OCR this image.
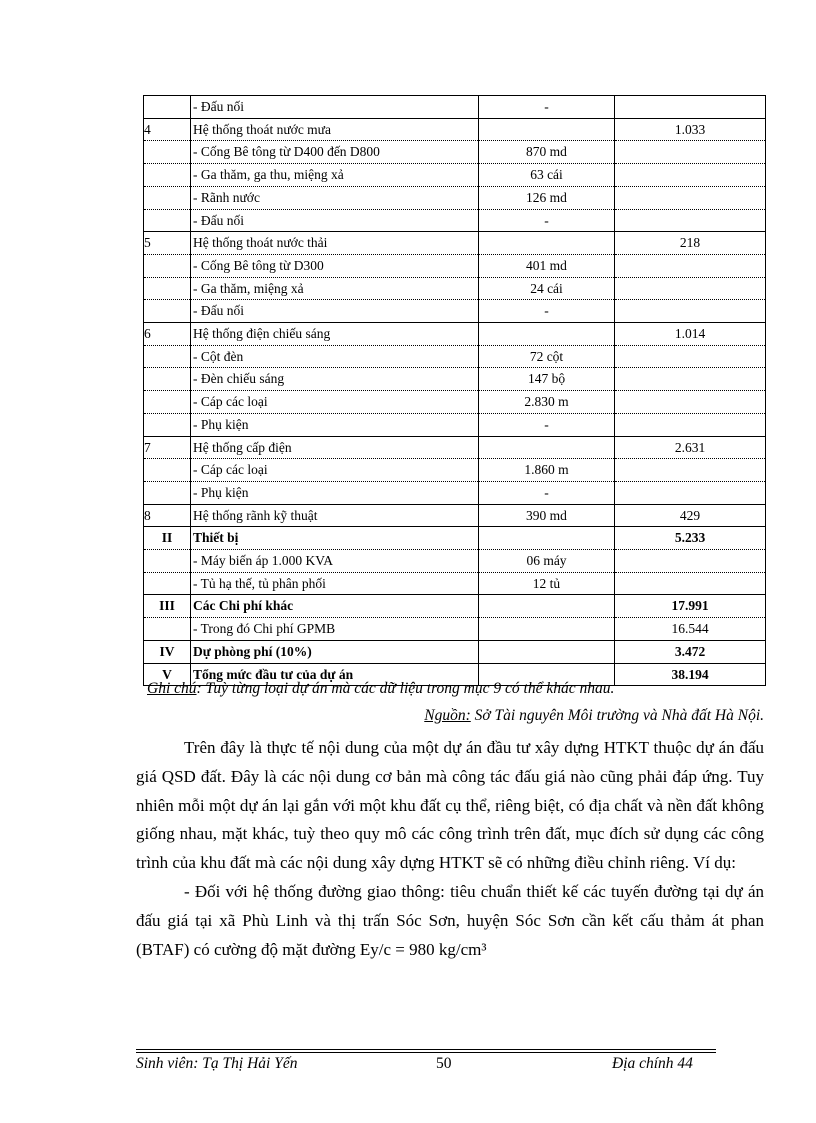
	- Đấu nối	-	
4	Hệ thống thoát nước mưa		1.033
	- Cống Bê tông từ D400 đến D800	870 md	
	- Ga thăm, ga thu, miệng xả	63 cái	
	- Rãnh nước	126 md	
	- Đấu nối	-	
5	Hệ thống thoát nước thải		218
	- Cống Bê tông từ D300	401 md	
	- Ga thăm, miệng xả	24 cái	
	- Đấu nối	-	
6	Hệ thống điện chiếu sáng		1.014
	- Cột đèn	72 cột	
	- Đèn chiếu sáng	147 bộ	
	- Cáp các loại	2.830 m	
	- Phụ kiện	-	
7	Hệ thống cấp điện		2.631
	- Cáp các loại	1.860 m	
	- Phụ kiện	-	
8	Hệ thống rãnh kỹ thuật	390 md	429
II	Thiết bị		5.233
	- Máy biến áp 1.000 KVA	06 máy	
	- Tủ hạ thế, tủ phân phối	12 tủ	
III	Các Chi phí khác		17.991
	- Trong đó Chi phí GPMB		16.544
IV	Dự phòng phí (10%)		3.472
V	Tổng mức đầu tư của dự án		38.194
Ghi chú: Tuỳ từng loại dự án mà các dữ liệu trong mục 9 có thể khác nhau.
Nguồn: Sở Tài nguyên Môi trường và Nhà đất Hà Nội.

Trên đây là thực tế nội dung của một dự án đầu tư xây dựng HTKT thuộc dự án đấu giá QSD đất. Đây là các nội dung cơ bản mà công tác đấu giá nào cũng phải đáp ứng. Tuy nhiên mỗi một dự án lại gắn với một khu đất cụ thể, riêng biệt, có địa chất và nền đất không giống nhau, mặt khác, tuỳ theo quy mô các công trình trên đất, mục đích sử dụng các công trình của khu đất mà các nội dung xây dựng HTKT sẽ có những điều chỉnh riêng. Ví dụ:

- Đối với hệ thống đường giao thông: tiêu chuẩn thiết kế các tuyến đường tại dự án đấu giá tại xã Phù Linh và thị trấn Sóc Sơn, huyện Sóc Sơn cần kết cấu thảm át phan (BTAF) có cường độ mặt đường Ey/c = 980 kg/cm³

Sinh viên: Tạ Thị Hải Yến	50	Địa chính 44
